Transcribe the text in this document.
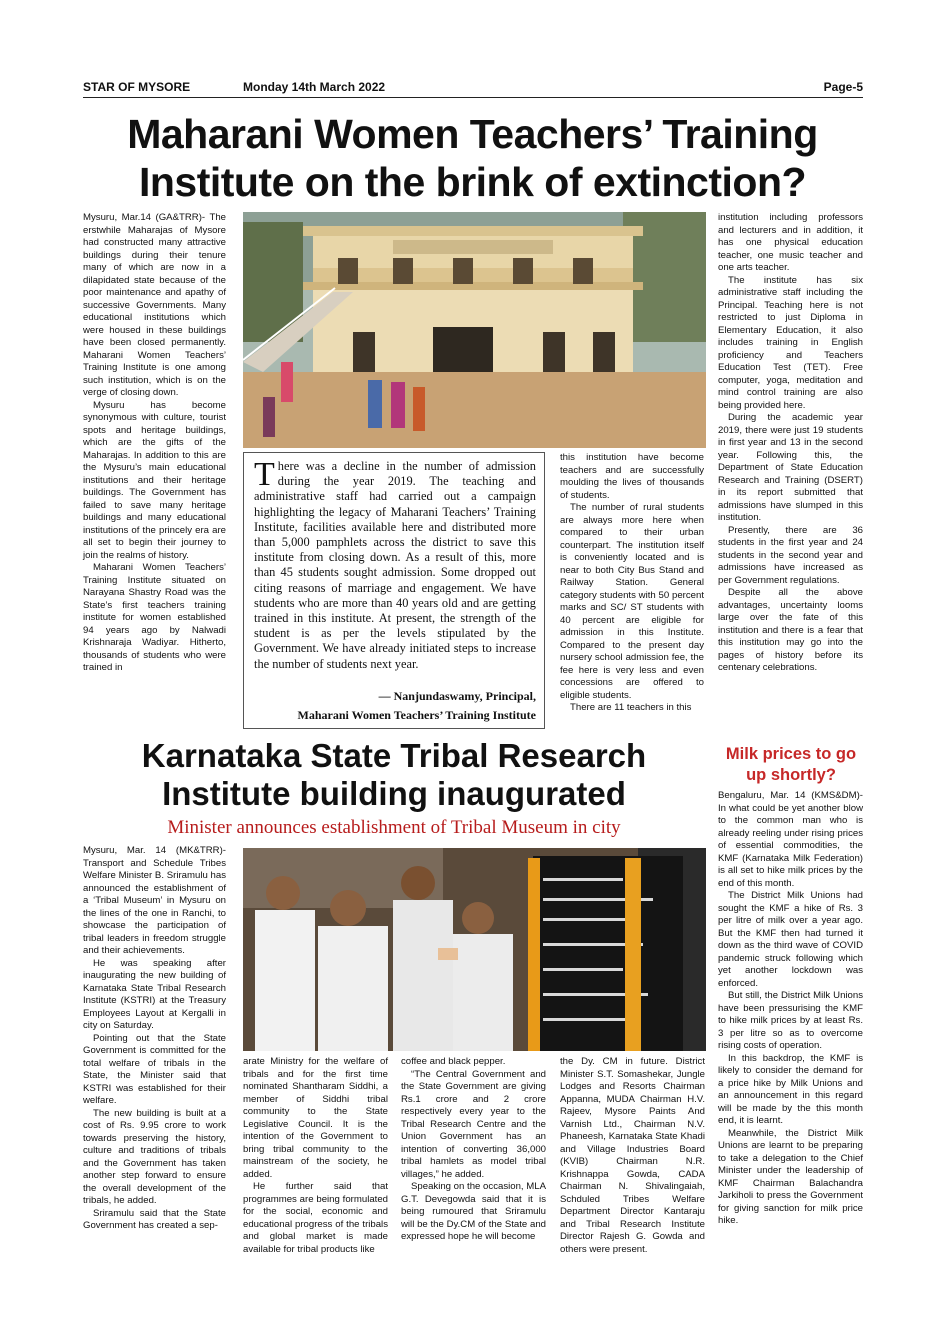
STAR OF MYSORE	Monday 14th March 2022	Page-5
Maharani Women Teachers’ Training
Institute on the brink of extinction?

Mysuru, Mar.14 (GA&TRR)- The erstwhile Maharajas of Mysore had constructed many attractive buildings during their tenure many of which are now in a dilapidated state because of the poor maintenance and apathy of successive Governments. Many educational institutions which were housed in these buildings have been closed permanently. Maharani Women Teachers’ Training Institute is one among such institution, which is on the verge of closing down.

Mysuru has become synonymous with culture, tourist spots and heritage buildings, which are the gifts of the Maharajas. In addition to this are the Mysuru’s main educational institutions and their heritage buildings. The Government has failed to save many heritage buildings and many educational institutions of the princely era are all set to begin their journey to join the realms of history.

Maharani Women Teachers’ Training Institute situated on Narayana Shastry Road was the State’s first teachers training institute for women established 94 years ago by Nalwadi Krishnaraja Wadiyar. Hitherto, thousands of students who were trained in

There was a decline in the number of admission during the year 2019. The teaching and administrative staff had carried out a campaign highlighting the legacy of Maharani Teachers’ Training Institute, facilities available here and distributed more than 5,000 pamphlets across the district to save this institute from closing down. As a result of this, more than 45 students sought admission. Some dropped out citing reasons of marriage and engagement. We have students who are more than 40 years old and are getting trained in this institute. At present, the strength of the student is as per the levels stipulated by the Government. We have already initiated steps to increase the number of students next year.
— Nanjundaswamy, Principal,
Maharani Women Teachers’ Training Institute

this institution have become teachers and are successfully moulding the lives of thousands of students.

The number of rural students are always more here when compared to their urban counterpart. The institution itself is conveniently located and is near to both City Bus Stand and Railway Station. General category students with 50 percent marks and SC/ ST students with 40 percent are eligible for admission in this Institute. Compared to the present day nursery school admission fee, the fee here is very less and even concessions are offered to eligible students.

There are 11 teachers in this

institution including professors and lecturers and in addition, it has one physical education teacher, one music teacher and one arts teacher.

The institute has six administrative staff including the Principal. Teaching here is not restricted to just Diploma in Elementary Education, it also includes training in English proficiency and Teachers Education Test (TET). Free computer, yoga, meditation and mind control training are also being provided here.

During the academic year 2019, there were just 19 students in first year and 13 in the second year. Following this, the Department of State Education Research and Training (DSERT) in its report submitted that admissions have slumped in this institution.

Presently, there are 36 students in the first year and 24 students in the second year and admissions have increased as per Government regulations.

Despite all the above advantages, uncertainty looms large over the fate of this institution and there is a fear that this institution may go into the pages of history before its centenary celebrations.

Karnataka State Tribal Research
Institute building inaugurated
Minister announces establishment of Tribal Museum in city

Mysuru, Mar. 14 (MK&TRR)- Transport and Schedule Tribes Welfare Minister B. Sriramulu has announced the establishment of a ‘Tribal Museum’ in Mysuru on the lines of the one in Ranchi, to showcase the participation of tribal leaders in freedom struggle and their achievements.

He was speaking after inaugurating the new building of Karnataka State Tribal Research Institute (KSTRI) at the Treasury Employees Layout at Kergalli in city on Saturday.

Pointing out that the State Government is committed for the total welfare of tribals in the State, the Minister said that KSTRI was established for their welfare.

The new building is built at a cost of Rs. 9.95 crore to work towards preserving the history, culture and traditions of tribals and the Government has taken another step forward to ensure the overall development of the tribals, he added.

Sriramulu said that the State Government has created a sep-

arate Ministry for the welfare of tribals and for the first time nominated Shantharam Siddhi, a member of Siddhi tribal community to the State Legislative Council. It is the intention of the Government to bring tribal community to the mainstream of the society, he added.

He further said that programmes are being formulated for the social, economic and educational progress of the tribals and global market is made available for tribal products like

coffee and black pepper.

“The Central Government and the State Government are giving Rs.1 crore and 2 crore respectively every year to the Tribal Research Centre and the Union Government has an intention of converting 36,000 tribal hamlets as model tribal villages,” he added.

Speaking on the occasion, MLA G.T. Devegowda said that it is being rumoured that Sriramulu will be the Dy.CM of the State and expressed hope he will become

the Dy. CM in future. District Minister S.T. Somashekar, Jungle Lodges and Resorts Chairman Appanna, MUDA Chairman H.V. Rajeev, Mysore Paints And Varnish Ltd., Chairman N.V. Phaneesh, Karnataka State Khadi and Village Industries Board (KVIB) Chairman N.R. Krishnappa Gowda, CADA Chairman N. Shivalingaiah, Schduled Tribes Welfare Department Director Kantaraju and Tribal Research Institute Director Rajesh G. Gowda and others were present.

Milk prices to go
up shortly?

Bengaluru, Mar. 14 (KMS&DM)- In what could be yet another blow to the common man who is already reeling under rising prices of essential commodities, the KMF (Karnataka Milk Federation) is all set to hike milk prices by the end of this month.

The District Milk Unions had sought the KMF a hike of Rs. 3 per litre of milk over a year ago. But the KMF then had turned it down as the third wave of COVID pandemic struck following which yet another lockdown was enforced.

But still, the District Milk Unions have been pressurising the KMF to hike milk prices by at least Rs. 3 per litre so as to overcome rising costs of operation.

In this backdrop, the KMF is likely to consider the demand for a price hike by Milk Unions and an announcement in this regard will be made by the this month end, it is learnt.

Meanwhile, the District Milk Unions are learnt to be preparing to take a delegation to the Chief Minister under the leadership of KMF Chairman Balachandra Jarkiholi to press the Government for giving sanction for milk price hike.
